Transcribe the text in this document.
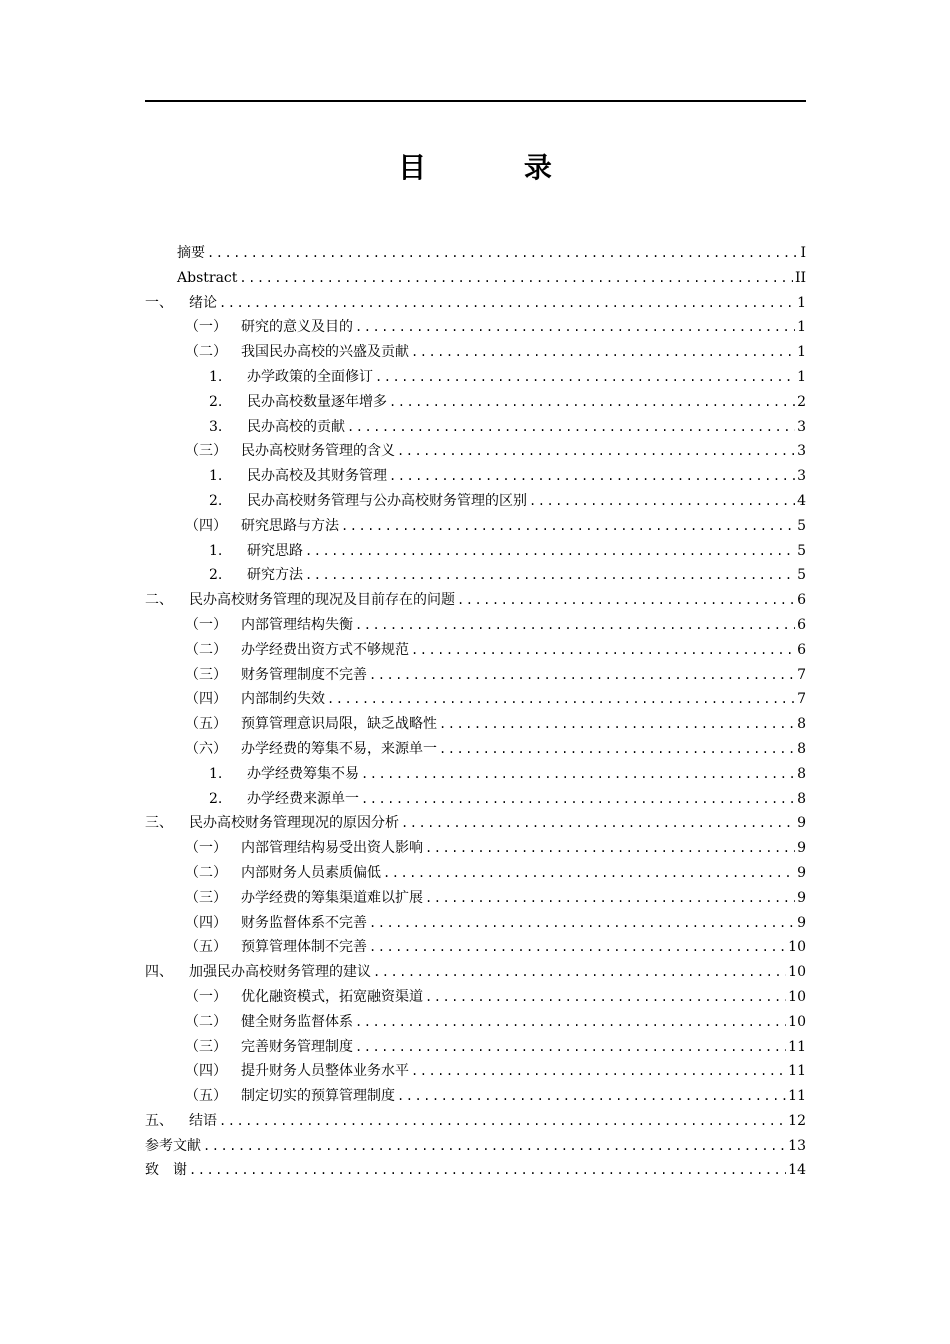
目 录
摘要 .....	I
Abstract .....	II
一、 绪论 .....	1
（一） 研究的意义及目的 .....	1
（二） 我国民办高校的兴盛及贡献 .....	1
1. 办学政策的全面修订 .....	1
2. 民办高校数量逐年增多 .....	2
3. 民办高校的贡献 .....	3
（三） 民办高校财务管理的含义 .....	3
1. 民办高校及其财务管理 .....	3
2. 民办高校财务管理与公办高校财务管理的区别 .....	4
（四） 研究思路与方法 .....	5
1. 研究思路 .....	5
2. 研究方法 .....	5
二、 民办高校财务管理的现况及目前存在的问题 .....	6
（一） 内部管理结构失衡 .....	6
（二） 办学经费出资方式不够规范 .....	6
（三） 财务管理制度不完善 .....	7
（四） 内部制约失效 .....	7
（五） 预算管理意识局限，缺乏战略性 .....	8
（六） 办学经费的筹集不易，来源单一 .....	8
1. 办学经费筹集不易 .....	8
2. 办学经费来源单一 .....	8
三、 民办高校财务管理现况的原因分析 .....	9
（一） 内部管理结构易受出资人影响 .....	9
（二） 内部财务人员素质偏低 .....	9
（三） 办学经费的筹集渠道难以扩展 .....	9
（四） 财务监督体系不完善 .....	9
（五） 预算管理体制不完善 .....	10
四、 加强民办高校财务管理的建议 .....	10
（一） 优化融资模式，拓宽融资渠道 .....	10
（二） 健全财务监督体系 .....	10
（三） 完善财务管理制度 .....	11
（四） 提升财务人员整体业务水平 .....	11
（五） 制定切实的预算管理制度 .....	11
五、 结语 .....	12
参考文献 .....	13
致　谢 .....	14
